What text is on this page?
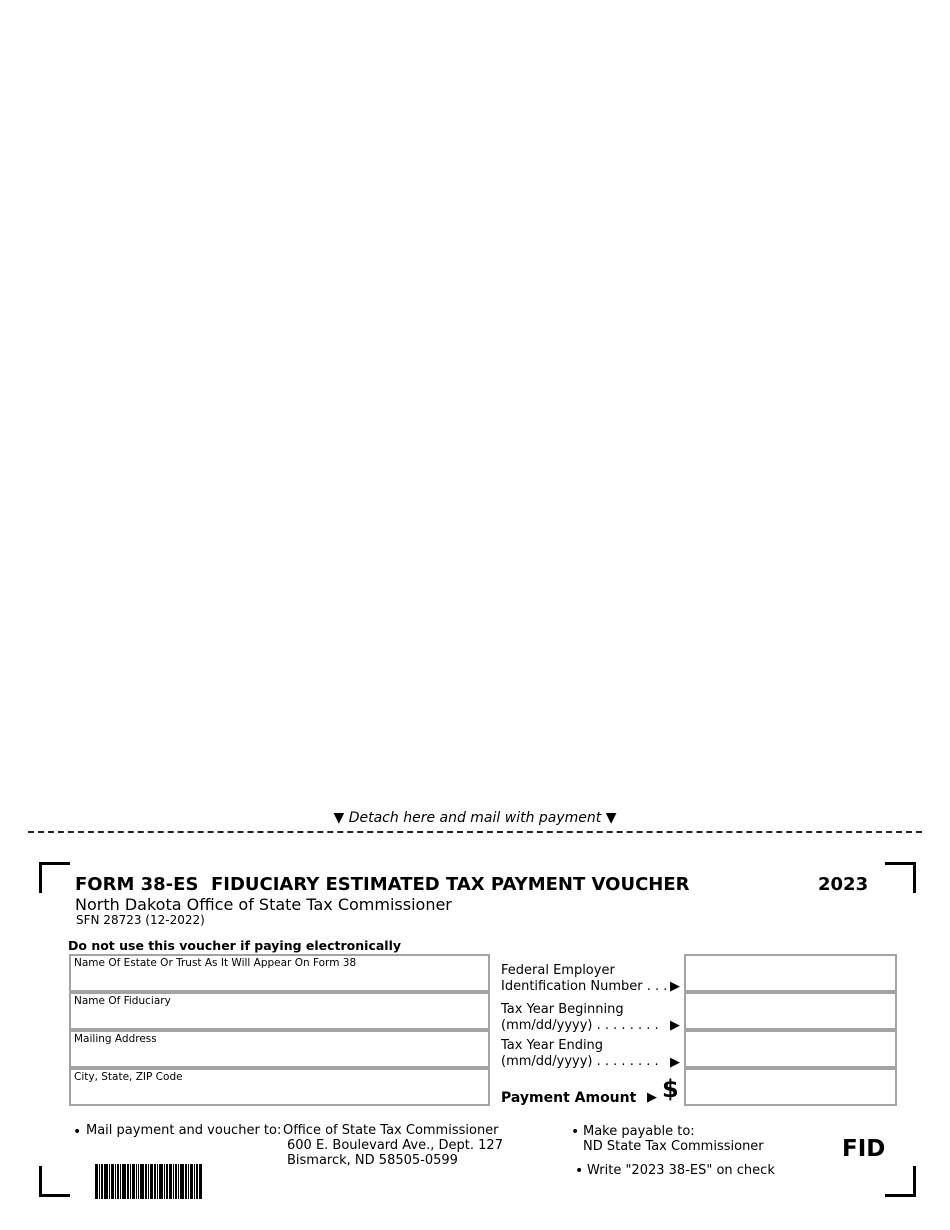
▼ Detach here and mail with payment ▼
FORM 38-ES  FIDUCIARY ESTIMATED TAX PAYMENT VOUCHER	2023
North Dakota Office of State Tax Commissioner
SFN 28723 (12-2022)
Do not use this voucher if paying electronically
Name Of Estate Or Trust As It Will Appear On Form 38
Name Of Fiduciary
Mailing Address
City, State, ZIP Code
Federal Employer
Identification Number . . . ▶
Tax Year Beginning
(mm/dd/yyyy) . . . . . . . . ▶
Tax Year Ending
(mm/dd/yyyy) . . . . . . . . ▶
Payment Amount ▶ $
• Mail payment and voucher to: Office of State Tax Commissioner
600 E. Boulevard Ave., Dept. 127
Bismarck, ND 58505-0599
• Make payable to:
ND State Tax Commissioner
• Write "2023 38-ES" on check
FID
